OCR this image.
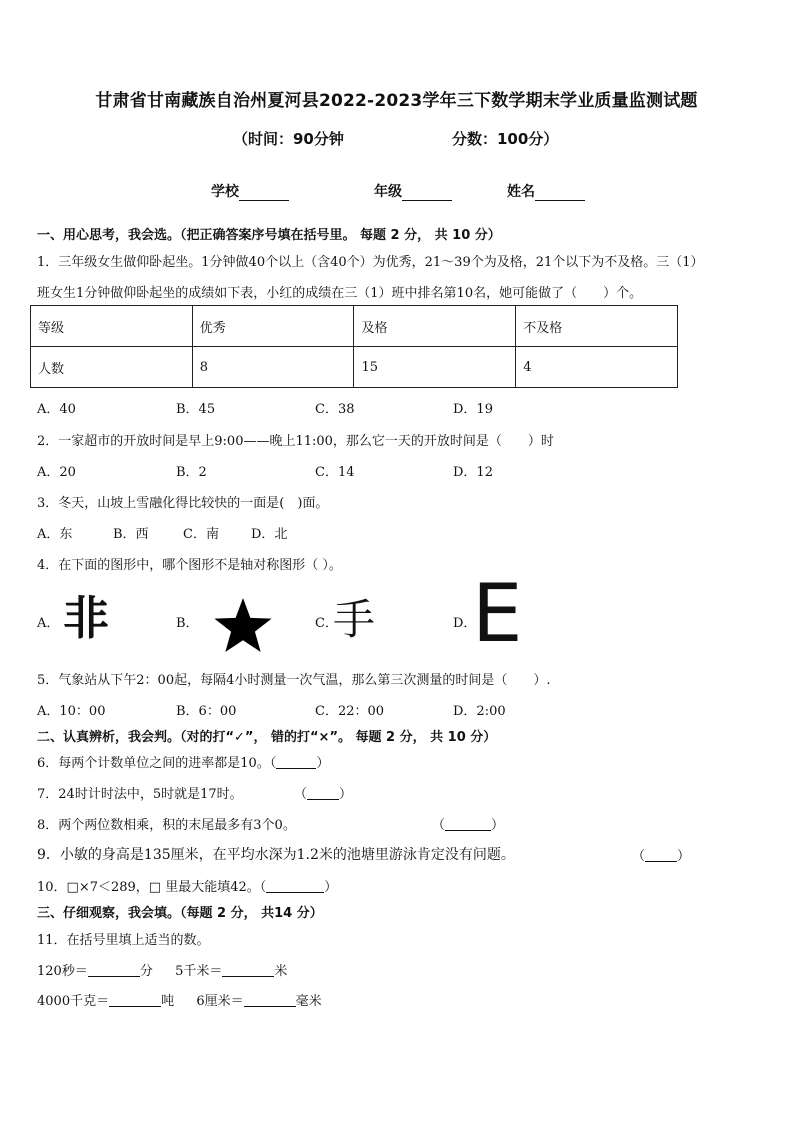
甘肃省甘南藏族自治州夏河县2022-2023学年三下数学期末学业质量监测试题
（时间：90分钟	分数：100分）
学校	年级	姓名
一、用心思考，我会选。（把正确答案序号填在括号里。 每题 2 分， 共 10 分）
1．三年级女生做仰卧起坐。1分钟做40个以上（含40个）为优秀，21～39个为及格，21个以下为不及格。三（1）
班女生1分钟做仰卧起坐的成绩如下表，小红的成绩在三（1）班中排名第10名，她可能做了（　　）个。
等级	优秀	及格	不及格
人数	8	15	4
A．40	B．45	C．38	D．19
2．一家超市的开放时间是早上9:00——晚上11:00，那么它一天的开放时间是（　　）时
A．20	B．2	C．14	D．12
3．冬天，山坡上雪融化得比较快的一面是(　)面。
A．东	B．西	C．南 D．北
4．在下面的图形中，哪个图形不是轴对称图形（ ）。
A． 非	B．	C．
手	D．
E
5．气象站从下午2：00起，每隔4小时测量一次气温，那么第三次测量的时间是（　　）.
A．10：00	B．6：00	C．22：00	D．2:00
二、认真辨析，我会判。（对的打“✓”， 错的打“×”。 每题 2 分， 共 10 分）
6．每两个计数单位之间的进率都是10。（	）
7．24时计时法中，5时就是17时。	（ ）
8．两个两位数相乘，积的末尾最多有3个0。	（	）
9．小敏的身高是135厘米，在平均水深为1.2米的池塘里游泳肯定没有问题。	（ ）
10．□×7＜289，□ 里最大能填42。（	）
三、仔细观察，我会填。（每题 2 分， 共14 分）
11．在括号里填上适当的数。
120秒＝	分 5千米＝	米
4000千克＝	吨 6厘米＝	毫米
